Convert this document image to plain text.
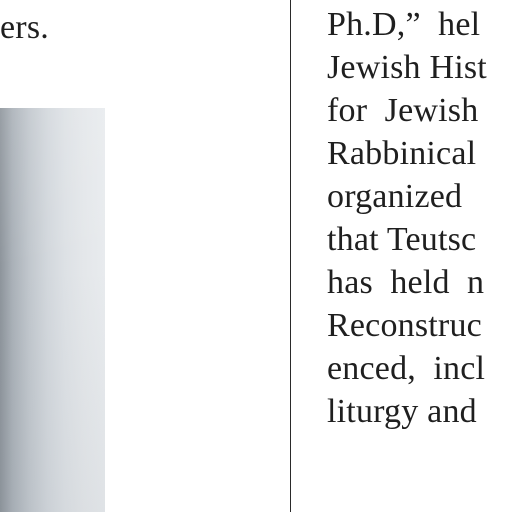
ers.	Ph.D,”  hel
Jewish Hist
for  Jewish
Rabbinical
organized
that Teutsc
has  held  n
Reconstruc
enced,  incl
liturgy and
